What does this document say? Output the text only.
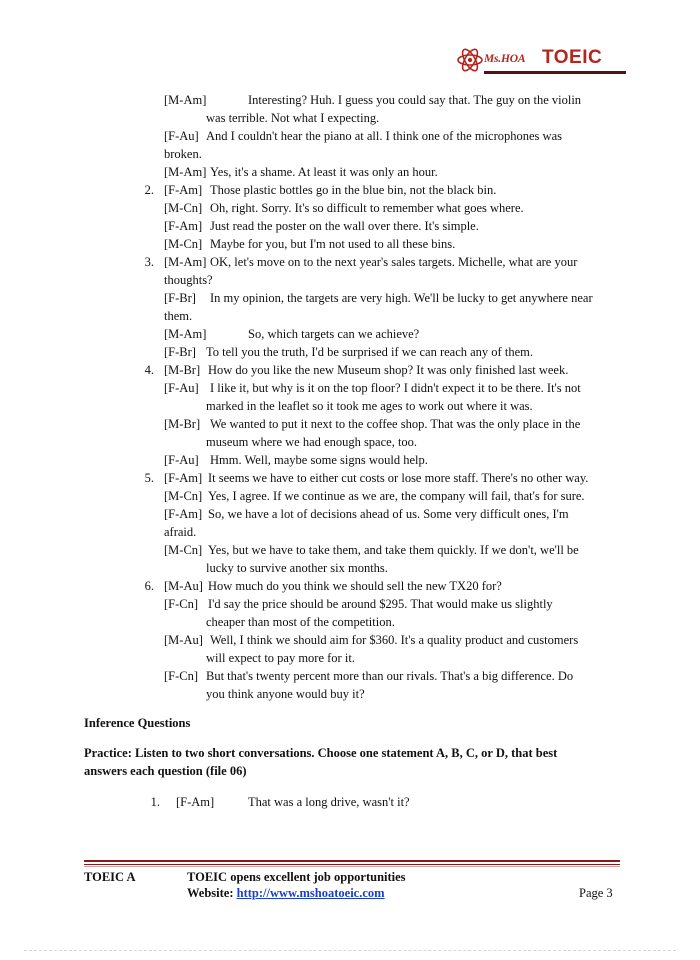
Ms.HOA TOEIC
[M-Am]	Interesting? Huh. I guess you could say that. The guy on the violin
was terrible. Not what I expecting.
[F-Au] And I couldn't hear the piano at all. I think one of the microphones was
broken.
[M-Am] Yes, it's a shame. At least it was only an hour.
2. [F-Am] Those plastic bottles go in the blue bin, not the black bin.
[M-Cn] Oh, right. Sorry. It's so difficult to remember what goes where.
[F-Am] Just read the poster on the wall over there. It's simple.
[M-Cn] Maybe for you, but I'm not used to all these bins.
3. [M-Am] OK, let's move on to the next year's sales targets. Michelle, what are your
thoughts?
[F-Br] In my opinion, the targets are very high. We'll be lucky to get anywhere near
them.
[M-Am]	So, which targets can we achieve?
[F-Br] To tell you the truth, I'd be surprised if we can reach any of them.
4. [M-Br] How do you like the new Museum shop? It was only finished last week.
[F-Au] I like it, but why is it on the top floor? I didn't expect it to be there. It's not
marked in the leaflet so it took me ages to work out where it was.
[M-Br] We wanted to put it next to the coffee shop. That was the only place in the
museum where we had enough space, too.
[F-Au] Hmm. Well, maybe some signs would help.
5. [F-Am] It seems we have to either cut costs or lose more staff. There's no other way.
[M-Cn] Yes, I agree. If we continue as we are, the company will fail, that's for sure.
[F-Am] So, we have a lot of decisions ahead of us. Some very difficult ones, I'm
afraid.
[M-Cn] Yes, but we have to take them, and take them quickly. If we don't, we'll be
lucky to survive another six months.
6. [M-Au] How much do you think we should sell the new TX20 for?
[F-Cn] I'd say the price should be around $295. That would make us slightly
cheaper than most of the competition.
[M-Au] Well, I think we should aim for $360. It's a quality product and customers
will expect to pay more for it.
[F-Cn] But that's twenty percent more than our rivals. That's a big difference. Do
you think anyone would buy it?
Inference Questions
Practice: Listen to two short conversations. Choose one statement A, B, C, or D, that best
answers each question (file 06)
1. [F-Am]	That was a long drive, wasn't it?
TOEIC A	TOEIC opens excellent job opportunities
Website: http://www.mshoatoeic.com	Page 3
